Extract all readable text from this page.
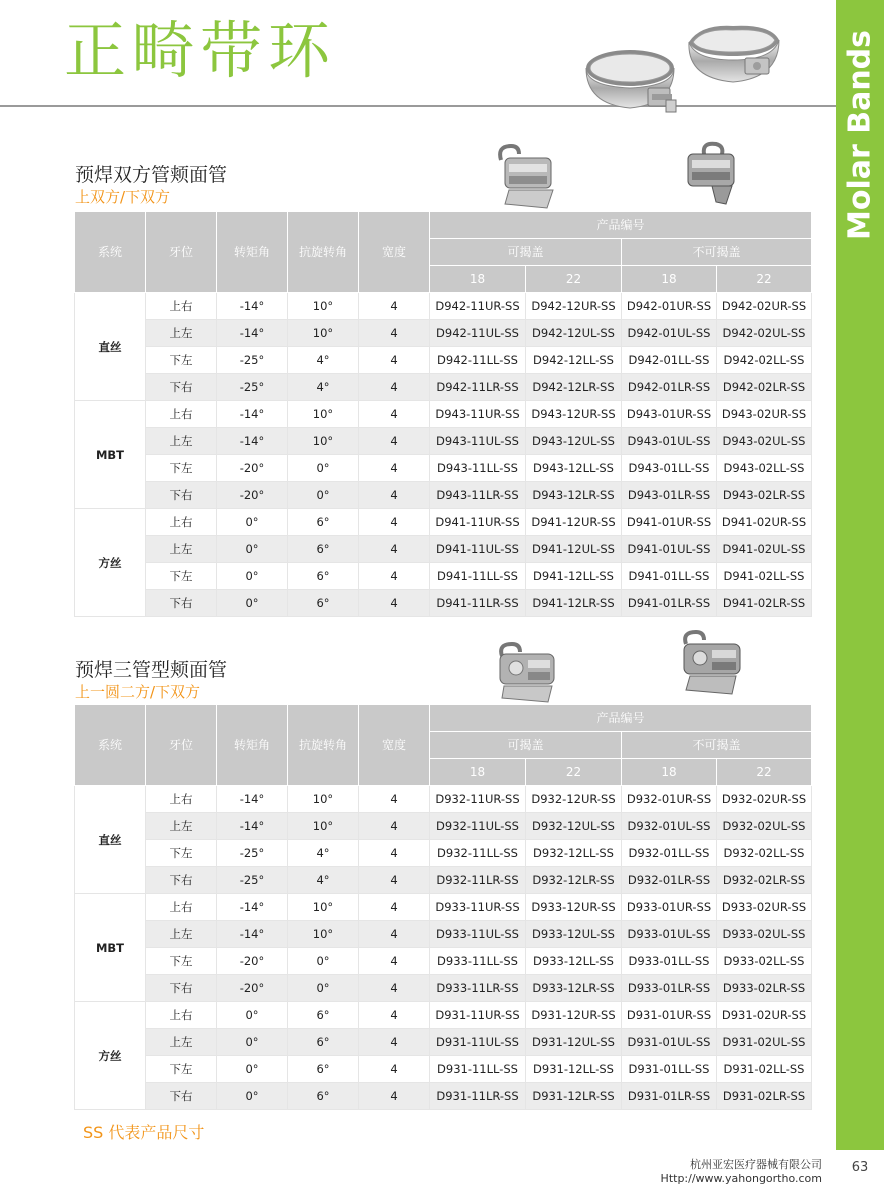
Molar Bands
63
正畸带环
预焊双方管颊面管
上双方/下双方
系统	牙位	转矩角	抗旋转角	宽度	产品编号			
					可揭盖		不可揭盖	
					18	22	18	22
直丝	上右	-14°	10°	4	D942-11UR-SS	D942-12UR-SS	D942-01UR-SS	D942-02UR-SS
	上左	-14°	10°	4	D942-11UL-SS	D942-12UL-SS	D942-01UL-SS	D942-02UL-SS
	下左	-25°	4°	4	D942-11LL-SS	D942-12LL-SS	D942-01LL-SS	D942-02LL-SS
	下右	-25°	4°	4	D942-11LR-SS	D942-12LR-SS	D942-01LR-SS	D942-02LR-SS
MBT	上右	-14°	10°	4	D943-11UR-SS	D943-12UR-SS	D943-01UR-SS	D943-02UR-SS
	上左	-14°	10°	4	D943-11UL-SS	D943-12UL-SS	D943-01UL-SS	D943-02UL-SS
	下左	-20°	0°	4	D943-11LL-SS	D943-12LL-SS	D943-01LL-SS	D943-02LL-SS
	下右	-20°	0°	4	D943-11LR-SS	D943-12LR-SS	D943-01LR-SS	D943-02LR-SS
方丝	上右	0°	6°	4	D941-11UR-SS	D941-12UR-SS	D941-01UR-SS	D941-02UR-SS
	上左	0°	6°	4	D941-11UL-SS	D941-12UL-SS	D941-01UL-SS	D941-02UL-SS
	下左	0°	6°	4	D941-11LL-SS	D941-12LL-SS	D941-01LL-SS	D941-02LL-SS
	下右	0°	6°	4	D941-11LR-SS	D941-12LR-SS	D941-01LR-SS	D941-02LR-SS
预焊三管型颊面管
上一圆二方/下双方
系统	牙位	转矩角	抗旋转角	宽度	产品编号			
					可揭盖		不可揭盖	
					18	22	18	22
直丝	上右	-14°	10°	4	D932-11UR-SS	D932-12UR-SS	D932-01UR-SS	D932-02UR-SS
	上左	-14°	10°	4	D932-11UL-SS	D932-12UL-SS	D932-01UL-SS	D932-02UL-SS
	下左	-25°	4°	4	D932-11LL-SS	D932-12LL-SS	D932-01LL-SS	D932-02LL-SS
	下右	-25°	4°	4	D932-11LR-SS	D932-12LR-SS	D932-01LR-SS	D932-02LR-SS
MBT	上右	-14°	10°	4	D933-11UR-SS	D933-12UR-SS	D933-01UR-SS	D933-02UR-SS
	上左	-14°	10°	4	D933-11UL-SS	D933-12UL-SS	D933-01UL-SS	D933-02UL-SS
	下左	-20°	0°	4	D933-11LL-SS	D933-12LL-SS	D933-01LL-SS	D933-02LL-SS
	下右	-20°	0°	4	D933-11LR-SS	D933-12LR-SS	D933-01LR-SS	D933-02LR-SS
方丝	上右	0°	6°	4	D931-11UR-SS	D931-12UR-SS	D931-01UR-SS	D931-02UR-SS
	上左	0°	6°	4	D931-11UL-SS	D931-12UL-SS	D931-01UL-SS	D931-02UL-SS
	下左	0°	6°	4	D931-11LL-SS	D931-12LL-SS	D931-01LL-SS	D931-02LL-SS
	下右	0°	6°	4	D931-11LR-SS	D931-12LR-SS	D931-01LR-SS	D931-02LR-SS
SS 代表产品尺寸
杭州亚宏医疗器械有限公司
Http://www.yahongortho.com
